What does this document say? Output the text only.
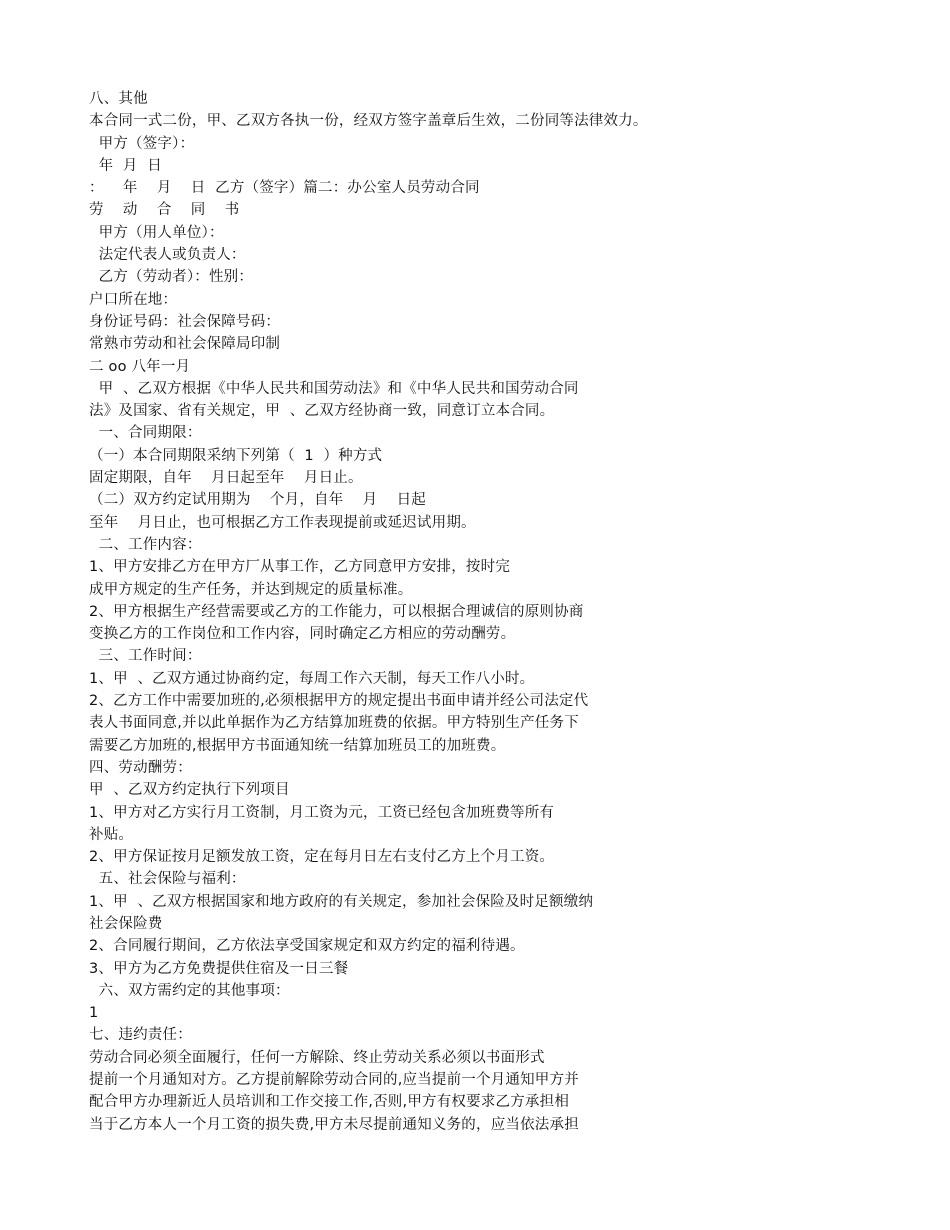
八、其他
本合同一式二份，甲、乙双方各执一份，经双方签字盖章后生效，二份同等法律效力。
甲方（签字）：
年  月  日
：    年    月    日  乙方（签字）篇二：办公室人员劳动合同
劳    动    合    同    书
甲方（用人单位）：
法定代表人或负责人：
乙方（劳动者）：性别：
户口所在地：
身份证号码：社会保障号码：
常熟市劳动和社会保障局印制
二 oo 八年一月
甲  、乙双方根据《中华人民共和国劳动法》和《中华人民共和国劳动合同
法》及国家、省有关规定，甲  、乙双方经协商一致，同意订立本合同。
一、合同期限：
（一）本合同期限采纳下列第（  1  ）种方式
固定期限，自年    月日起至年    月日止。
（二）双方约定试用期为    个月，自年    月    日起
至年    月日止，也可根据乙方工作表现提前或延迟试用期。
二、工作内容：
1、甲方安排乙方在甲方厂从事工作，乙方同意甲方安排，按时完
成甲方规定的生产任务，并达到规定的质量标准。
2、甲方根据生产经营需要或乙方的工作能力，可以根据合理诚信的原则协商
变换乙方的工作岗位和工作内容，同时确定乙方相应的劳动酬劳。
三、工作时间：
1、甲  、乙双方通过协商约定，每周工作六天制，每天工作八小时。
2、乙方工作中需要加班的,必须根据甲方的规定提出书面申请并经公司法定代
表人书面同意,并以此单据作为乙方结算加班费的依据。甲方特别生产任务下
需要乙方加班的,根据甲方书面通知统一结算加班员工的加班费。
四、劳动酬劳：
甲  、乙双方约定执行下列项目
1、甲方对乙方实行月工资制，月工资为元，工资已经包含加班费等所有
补贴。
2、甲方保证按月足额发放工资，定在每月日左右支付乙方上个月工资。
五、社会保险与福利：
1、甲  、乙双方根据国家和地方政府的有关规定，参加社会保险及时足额缴纳
社会保险费
2、合同履行期间，乙方依法享受国家规定和双方约定的福利待遇。
3、甲方为乙方免费提供住宿及一日三餐
六、双方需约定的其他事项：
1
七、违约责任：
劳动合同必须全面履行，任何一方解除、终止劳动关系必须以书面形式
提前一个月通知对方。乙方提前解除劳动合同的,应当提前一个月通知甲方并
配合甲方办理新近人员培训和工作交接工作,否则,甲方有权要求乙方承担相
当于乙方本人一个月工资的损失费,甲方未尽提前通知义务的，应当依法承担
